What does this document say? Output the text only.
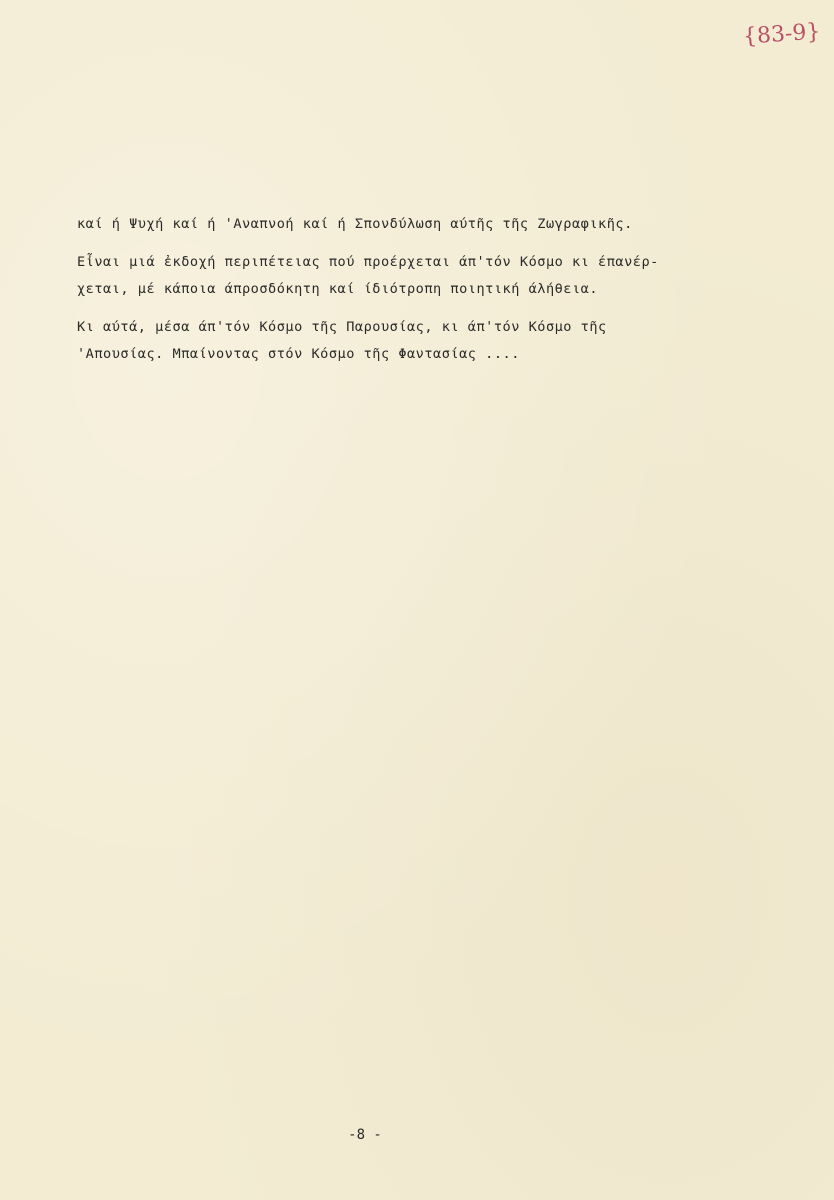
{83-9}
καί ή Ψυχή καί ή 'Αναπνοή καί ή Σπονδύλωση αύτῆς τῆς Ζωγραφικῆς.
Εἶναι μιά ἐκδοχή περιπέτειας πού προέρχεται άπ'τόν Κόσμο κι έπανέρ-
χεται, μέ κάποια άπροσδόκητη καί ίδιότροπη ποιητική άλήθεια.
Κι αύτά, μέσα άπ'τόν Κόσμο τῆς Παρουσίας, κι άπ'τόν Κόσμο τῆς
'Απουσίας. Μπαίνοντας στόν Κόσμο τῆς Φαντασίας ....
-8 -
